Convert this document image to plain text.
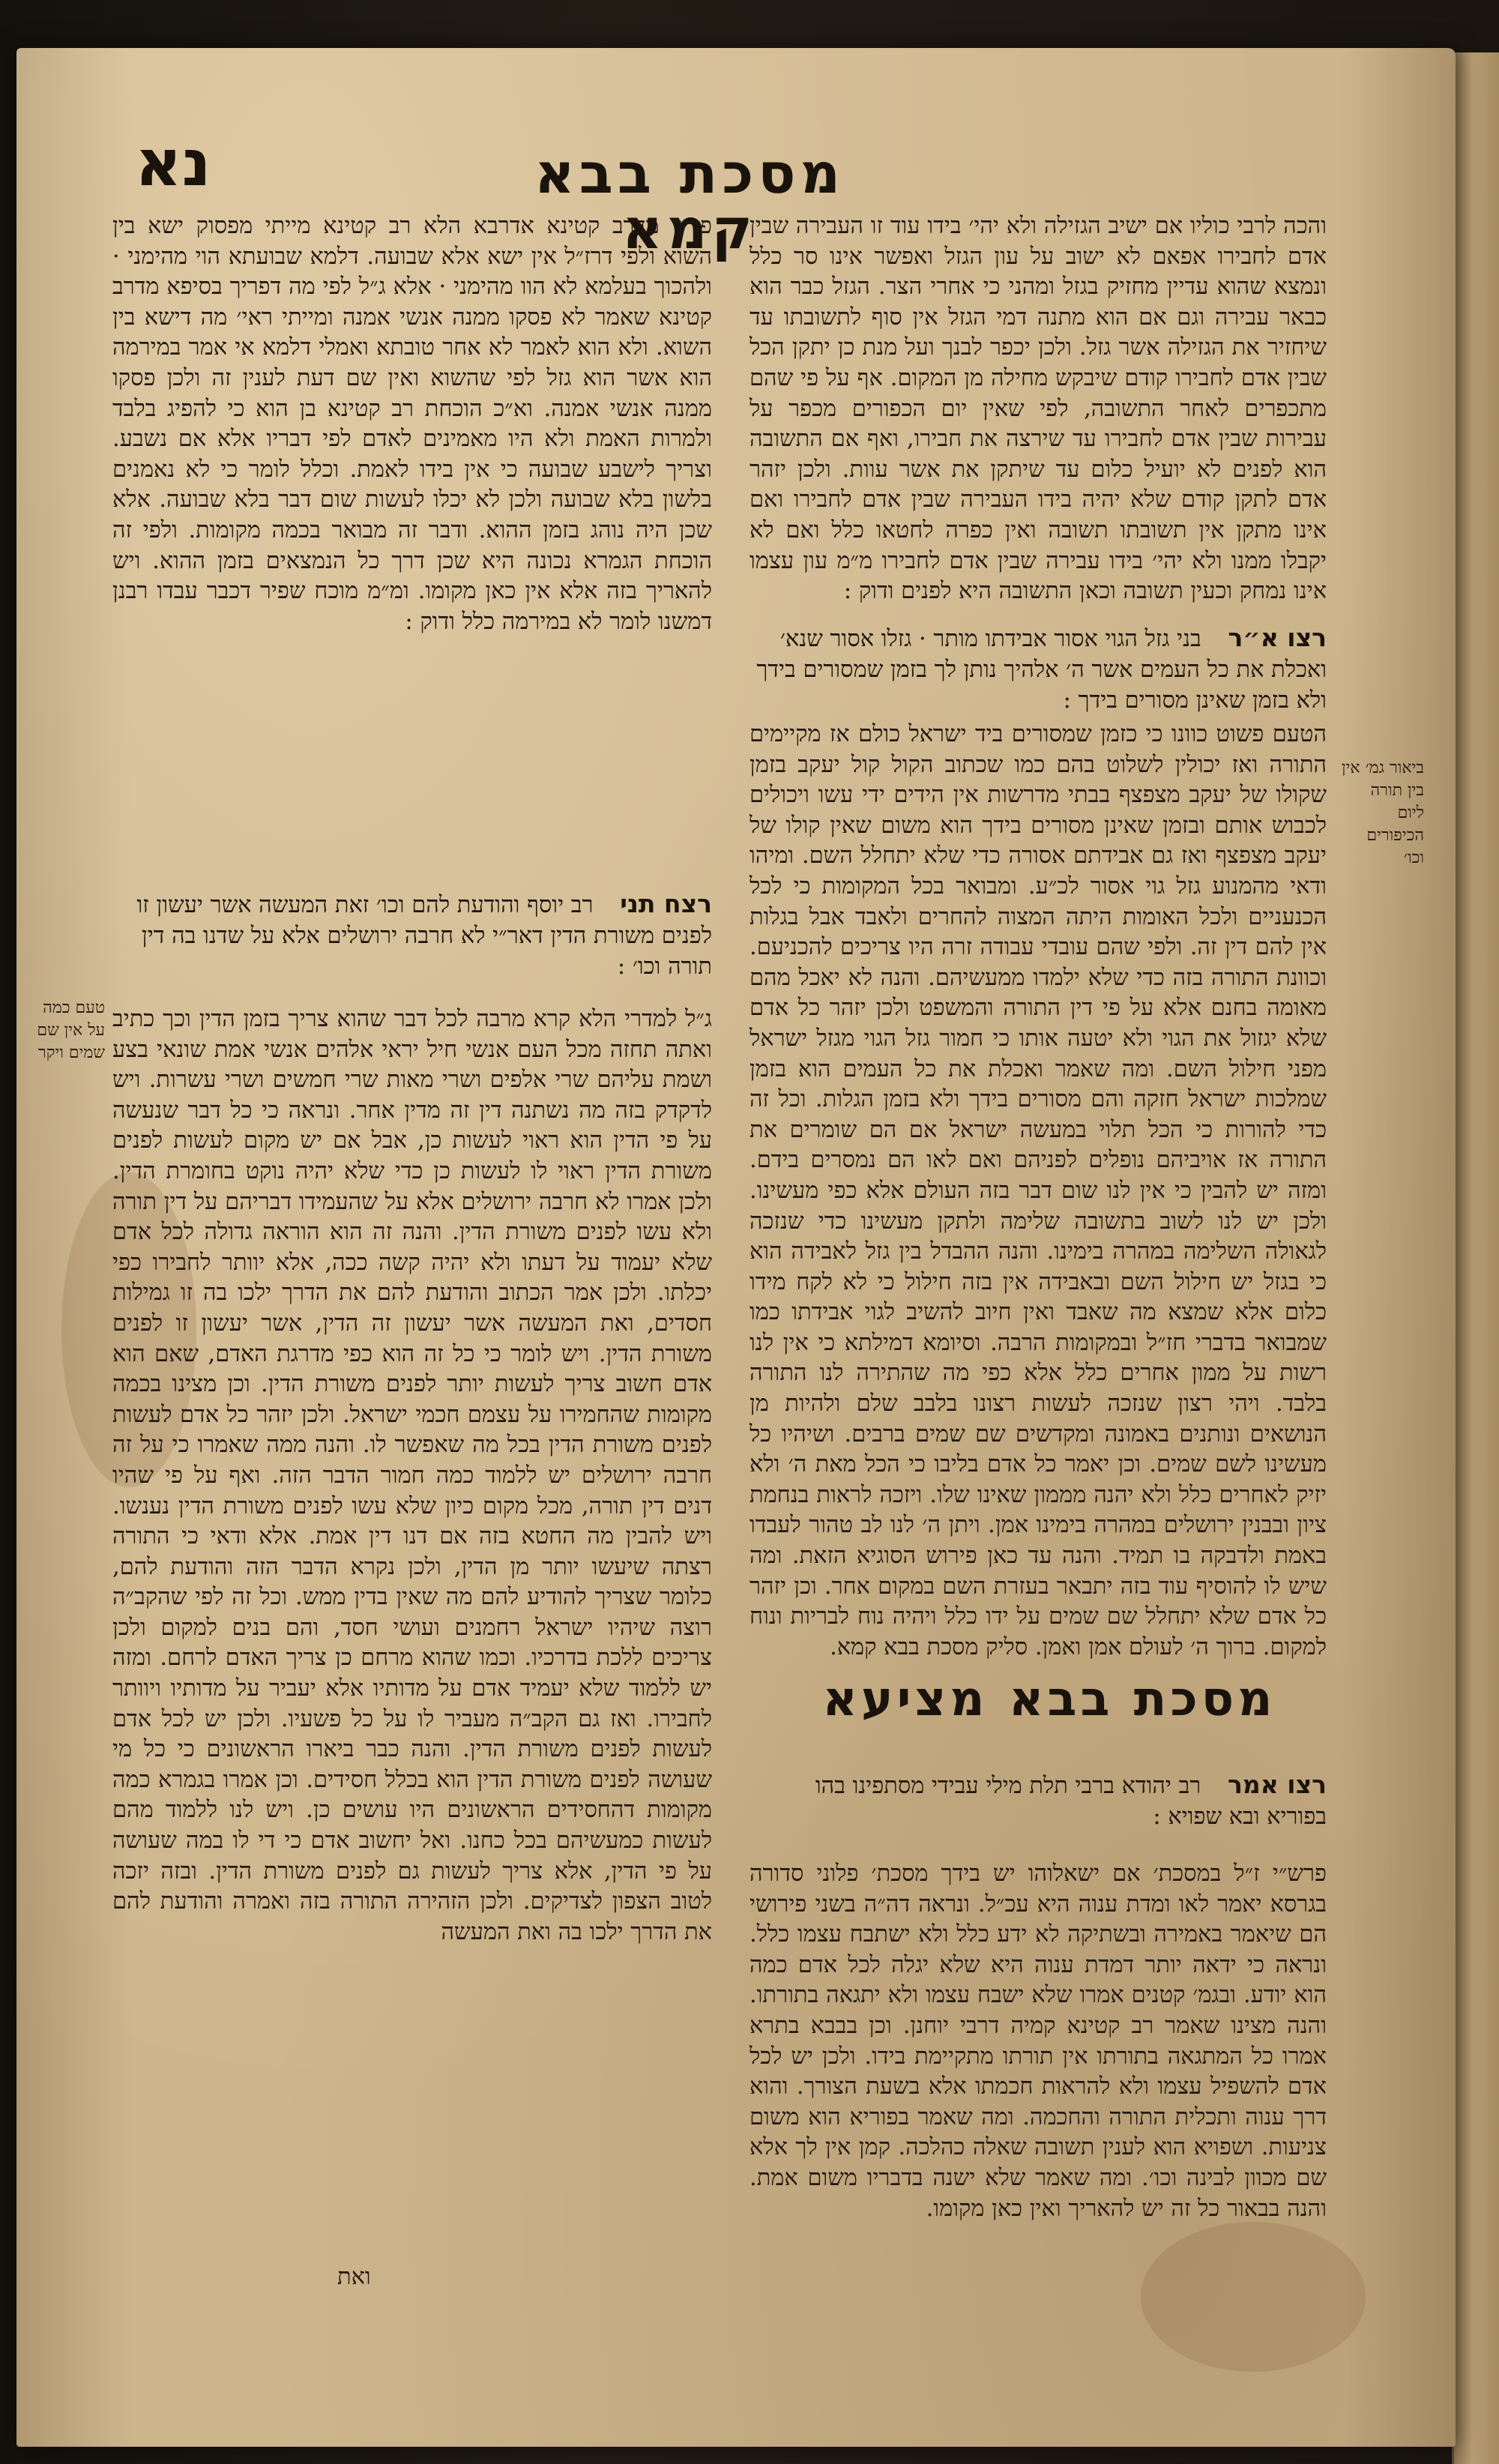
נא	מסכת בבא קמא
והכה לרבי כוליו אם ישיב הגזילה ולא יהי׳ בידו עוד זו העבירה שבין אדם לחבירו אפאם לא ישוב על עון הגזל ואפשר אינו סר כלל ונמצא שהוא עדיין מחזיק בגזל ומהני כי אחרי הצר. הגזל כבר הוא כבאר עבירה וגם אם הוא מתנה דמי הגזל אין סוף לתשובתו עד שיחזיר את הגזילה אשר גזל. ולכן יכפר לבנך ועל מנת כן יתקן הכל שבין אדם לחבירו קודם שיבקש מחילה מן המקום. אף על פי שהם מתכפרים לאחר התשובה, לפי שאין יום הכפורים מכפר על עבירות שבין אדם לחבירו עד שירצה את חבירו, ואף אם התשובה הוא לפנים לא יועיל כלום עד שיתקן את אשר עוות. ולכן יזהר אדם לתקן קודם שלא יהיה בידו העבירה שבין אדם לחבירו ואם אינו מתקן אין תשובתו תשובה ואין כפרה לחטאו כלל ואם לא יקבלו ממנו ולא יהי׳ בידו עבירה שבין אדם לחבירו מ״מ עון עצמו אינו נמחק וכעין תשובה וכאן התשובה היא לפנים ודוק :
רצו א״ר בני גזל הגוי אסור אבידתו מותר · גזלו אסור שנא׳ ואכלת את כל העמים אשר ה׳ אלהיך נותן לך בזמן שמסורים בידך ולא בזמן שאינן מסורים בידך :
הטעם פשוט כוונו כי כזמן שמסורים ביד ישראל כולם אז מקיימים התורה ואז יכולין לשלוט בהם כמו שכתוב הקול קול יעקב בזמן שקולו של יעקב מצפצף בבתי מדרשות אין הידים ידי עשו ויכולים לכבוש אותם ובזמן שאינן מסורים בידך הוא משום שאין קולו של יעקב מצפצף ואז גם אבידתם אסורה כדי שלא יתחלל השם. ומיהו ודאי מהמנוע גזל גוי אסור לכ״ע. ומבואר בכל המקומות כי לכל הכנעניים ולכל האומות היתה המצוה להחרים ולאבד אבל בגלות אין להם דין זה. ולפי שהם עובדי עבודה זרה היו צריכים להכניעם. וכוונת התורה בזה כדי שלא ילמדו ממעשיהם. והנה לא יאכל מהם מאומה בחנם אלא על פי דין התורה והמשפט ולכן יזהר כל אדם שלא יגזול את הגוי ולא יטעה אותו כי חמור גזל הגוי מגזל ישראל מפני חילול השם. ומה שאמר ואכלת את כל העמים הוא בזמן שמלכות ישראל חזקה והם מסורים בידך ולא בזמן הגלות. וכל זה כדי להורות כי הכל תלוי במעשה ישראל אם הם שומרים את התורה אז אויביהם נופלים לפניהם ואם לאו הם נמסרים בידם. ומזה יש להבין כי אין לנו שום דבר בזה העולם אלא כפי מעשינו. ולכן יש לנו לשוב בתשובה שלימה ולתקן מעשינו כדי שנזכה לגאולה השלימה במהרה בימינו. והנה ההבדל בין גזל לאבידה הוא כי בגזל יש חילול השם ובאבידה אין בזה חילול כי לא לקח מידו כלום אלא שמצא מה שאבד ואין חיוב להשיב לגוי אבידתו כמו שמבואר בדברי חז״ל ובמקומות הרבה. וסיומא דמילתא כי אין לנו רשות על ממון אחרים כלל אלא כפי מה שהתירה לנו התורה בלבד. ויהי רצון שנזכה לעשות רצונו בלבב שלם ולהיות מן הנושאים ונותנים באמונה ומקדשים שם שמים ברבים. ושיהיו כל מעשינו לשם שמים. וכן יאמר כל אדם בליבו כי הכל מאת ה׳ ולא יזיק לאחרים כלל ולא יהנה מממון שאינו שלו. ויזכה לראות בנחמת ציון ובבנין ירושלים במהרה בימינו אמן. ויתן ה׳ לנו לב טהור לעבדו באמת ולדבקה בו תמיד. והנה עד כאן פירוש הסוגיא הזאת. ומה שיש לו להוסיף עוד בזה יתבאר בעזרת השם במקום אחר. וכן יזהר כל אדם שלא יתחלל שם שמים על ידו כלל ויהיה נוח לבריות ונוח למקום. ברוך ה׳ לעולם אמן ואמן. סליק מסכת בבא קמא.
ביאור גמ׳ אין בין תורה ליום הכיפורים וכו׳
מסכת בבא מציעא
רצו אמר רב יהודא ברבי תלת מילי עבידי מסתפינו בהו בפוריא ובא שפויא :
פרש״י ז״ל במסכת׳ אם ישאלוהו יש בידך מסכת׳ פלוני סדורה בגרסא יאמר לאו ומדת ענוה היא עכ״ל. ונראה דה״ה בשני פירושי הם שיאמר באמירה ובשתיקה לא ידע כלל ולא ישתבח עצמו כלל. ונראה כי ידאה יותר דמדת ענוה היא שלא יגלה לכל אדם כמה הוא יודע. ובגמ׳ קטנים אמרו שלא ישבח עצמו ולא יתגאה בתורתו. והנה מצינו שאמר רב קטינא קמיה דרבי יוחנן. וכן בבבא בתרא אמרו כל המתגאה בתורתו אין תורתו מתקיימת בידו. ולכן יש לכל אדם להשפיל עצמו ולא להראות חכמתו אלא בשעת הצורך. והוא דרך ענוה ותכלית התורה והחכמה. ומה שאמר בפוריא הוא משום צניעות. ושפויא הוא לענין תשובה שאלה כהלכה. קמן אין לך אלא שם מכוון לבינה וכו׳. ומה שאמר שלא ישנה בדבריו משום אמת. והנה בבאור כל זה יש להאריך ואין כאן מקומו.
פריך מדרב קטינא אדרבא הלא רב קטינא מייתי מפסוק ישא בין השוא ולפי דרז״ל אין ישא אלא שבועה. דלמא שבועתא הוי מהימני · ולהכוך בעלמא לא הוו מהימני · אלא ג״ל לפי מה דפריך בסיפא מדרב קטינא שאמר לא פסקו ממנה אנשי אמנה ומייתי ראי׳ מה דישא בין השוא. ולא הוא לאמר לא אחר טובתא ואמלי דלמא אי אמר במירמה הוא אשר הוא גזל לפי שהשוא ואין שם דעת לענין זה ולכן פסקו ממנה אנשי אמנה. וא״כ הוכחת רב קטינא בן הוא כי להפיג בלבד ולמרות האמת ולא היו מאמינים לאדם לפי דבריו אלא אם נשבע. וצריך לישבע שבועה כי אין בידו לאמת. וכלל לומר כי לא נאמנים בלשון בלא שבועה ולכן לא יכלו לעשות שום דבר בלא שבועה. אלא שכן היה נוהג בזמן ההוא. ודבר זה מבואר בכמה מקומות. ולפי זה הוכחת הגמרא נכונה היא שכן דרך כל הנמצאים בזמן ההוא. ויש להאריך בזה אלא אין כאן מקומו. ומ״מ מוכח שפיר דכבר עבדו רבנן דמשנו לומר לא במירמה כלל ודוק :
רצח תני רב יוסף והודעת להם וכו׳ זאת המעשה אשר יעשון זו לפנים משורת הדין דאר״י לא חרבה ירושלים אלא על שדנו בה דין תורה וכו׳ :
ג״ל למדרי הלא קרא מרבה לכל דבר שהוא צריך בזמן הדין וכך כתיב ואתה תחזה מכל העם אנשי חיל יראי אלהים אנשי אמת שונאי בצע ושמת עליהם שרי אלפים ושרי מאות שרי חמשים ושרי עשרות. ויש לדקדק בזה מה נשתנה דין זה מדין אחר. ונראה כי כל דבר שנעשה על פי הדין הוא ראוי לעשות כן, אבל אם יש מקום לעשות לפנים משורת הדין ראוי לו לעשות כן כדי שלא יהיה נוקט בחומרת הדין. ולכן אמרו לא חרבה ירושלים אלא על שהעמידו דבריהם על דין תורה ולא עשו לפנים משורת הדין. והנה זה הוא הוראה גדולה לכל אדם שלא יעמוד על דעתו ולא יהיה קשה ככה, אלא יוותר לחבירו כפי יכלתו. ולכן אמר הכתוב והודעת להם את הדרך ילכו בה זו גמילות חסדים, ואת המעשה אשר יעשון זה הדין, אשר יעשון זו לפנים משורת הדין. ויש לומר כי כל זה הוא כפי מדרגת האדם, שאם הוא אדם חשוב צריך לעשות יותר לפנים משורת הדין. וכן מצינו בכמה מקומות שהחמירו על עצמם חכמי ישראל. ולכן יזהר כל אדם לעשות לפנים משורת הדין בכל מה שאפשר לו. והנה ממה שאמרו כי על זה חרבה ירושלים יש ללמוד כמה חמור הדבר הזה. ואף על פי שהיו דנים דין תורה, מכל מקום כיון שלא עשו לפנים משורת הדין נענשו. ויש להבין מה החטא בזה אם דנו דין אמת. אלא ודאי כי התורה רצתה שיעשו יותר מן הדין, ולכן נקרא הדבר הזה והודעת להם, כלומר שצריך להודיע להם מה שאין בדין ממש. וכל זה לפי שהקב״ה רוצה שיהיו ישראל רחמנים ועושי חסד, והם בנים למקום ולכן צריכים ללכת בדרכיו. וכמו שהוא מרחם כן צריך האדם לרחם. ומזה יש ללמוד שלא יעמיד אדם על מדותיו אלא יעביר על מדותיו ויוותר לחבירו. ואז גם הקב״ה מעביר לו על כל פשעיו. ולכן יש לכל אדם לעשות לפנים משורת הדין. והנה כבר ביארו הראשונים כי כל מי שעושה לפנים משורת הדין הוא בכלל חסידים. וכן אמרו בגמרא כמה מקומות דהחסידים הראשונים היו עושים כן. ויש לנו ללמוד מהם לעשות כמעשיהם בכל כחנו. ואל יחשוב אדם כי די לו במה שעושה על פי הדין, אלא צריך לעשות גם לפנים משורת הדין. ובזה יזכה לטוב הצפון לצדיקים. ולכן הזהירה התורה בזה ואמרה והודעת להם את הדרך ילכו בה ואת המעשה
טעם כמה על אין שם שמים ויקר
ואת
